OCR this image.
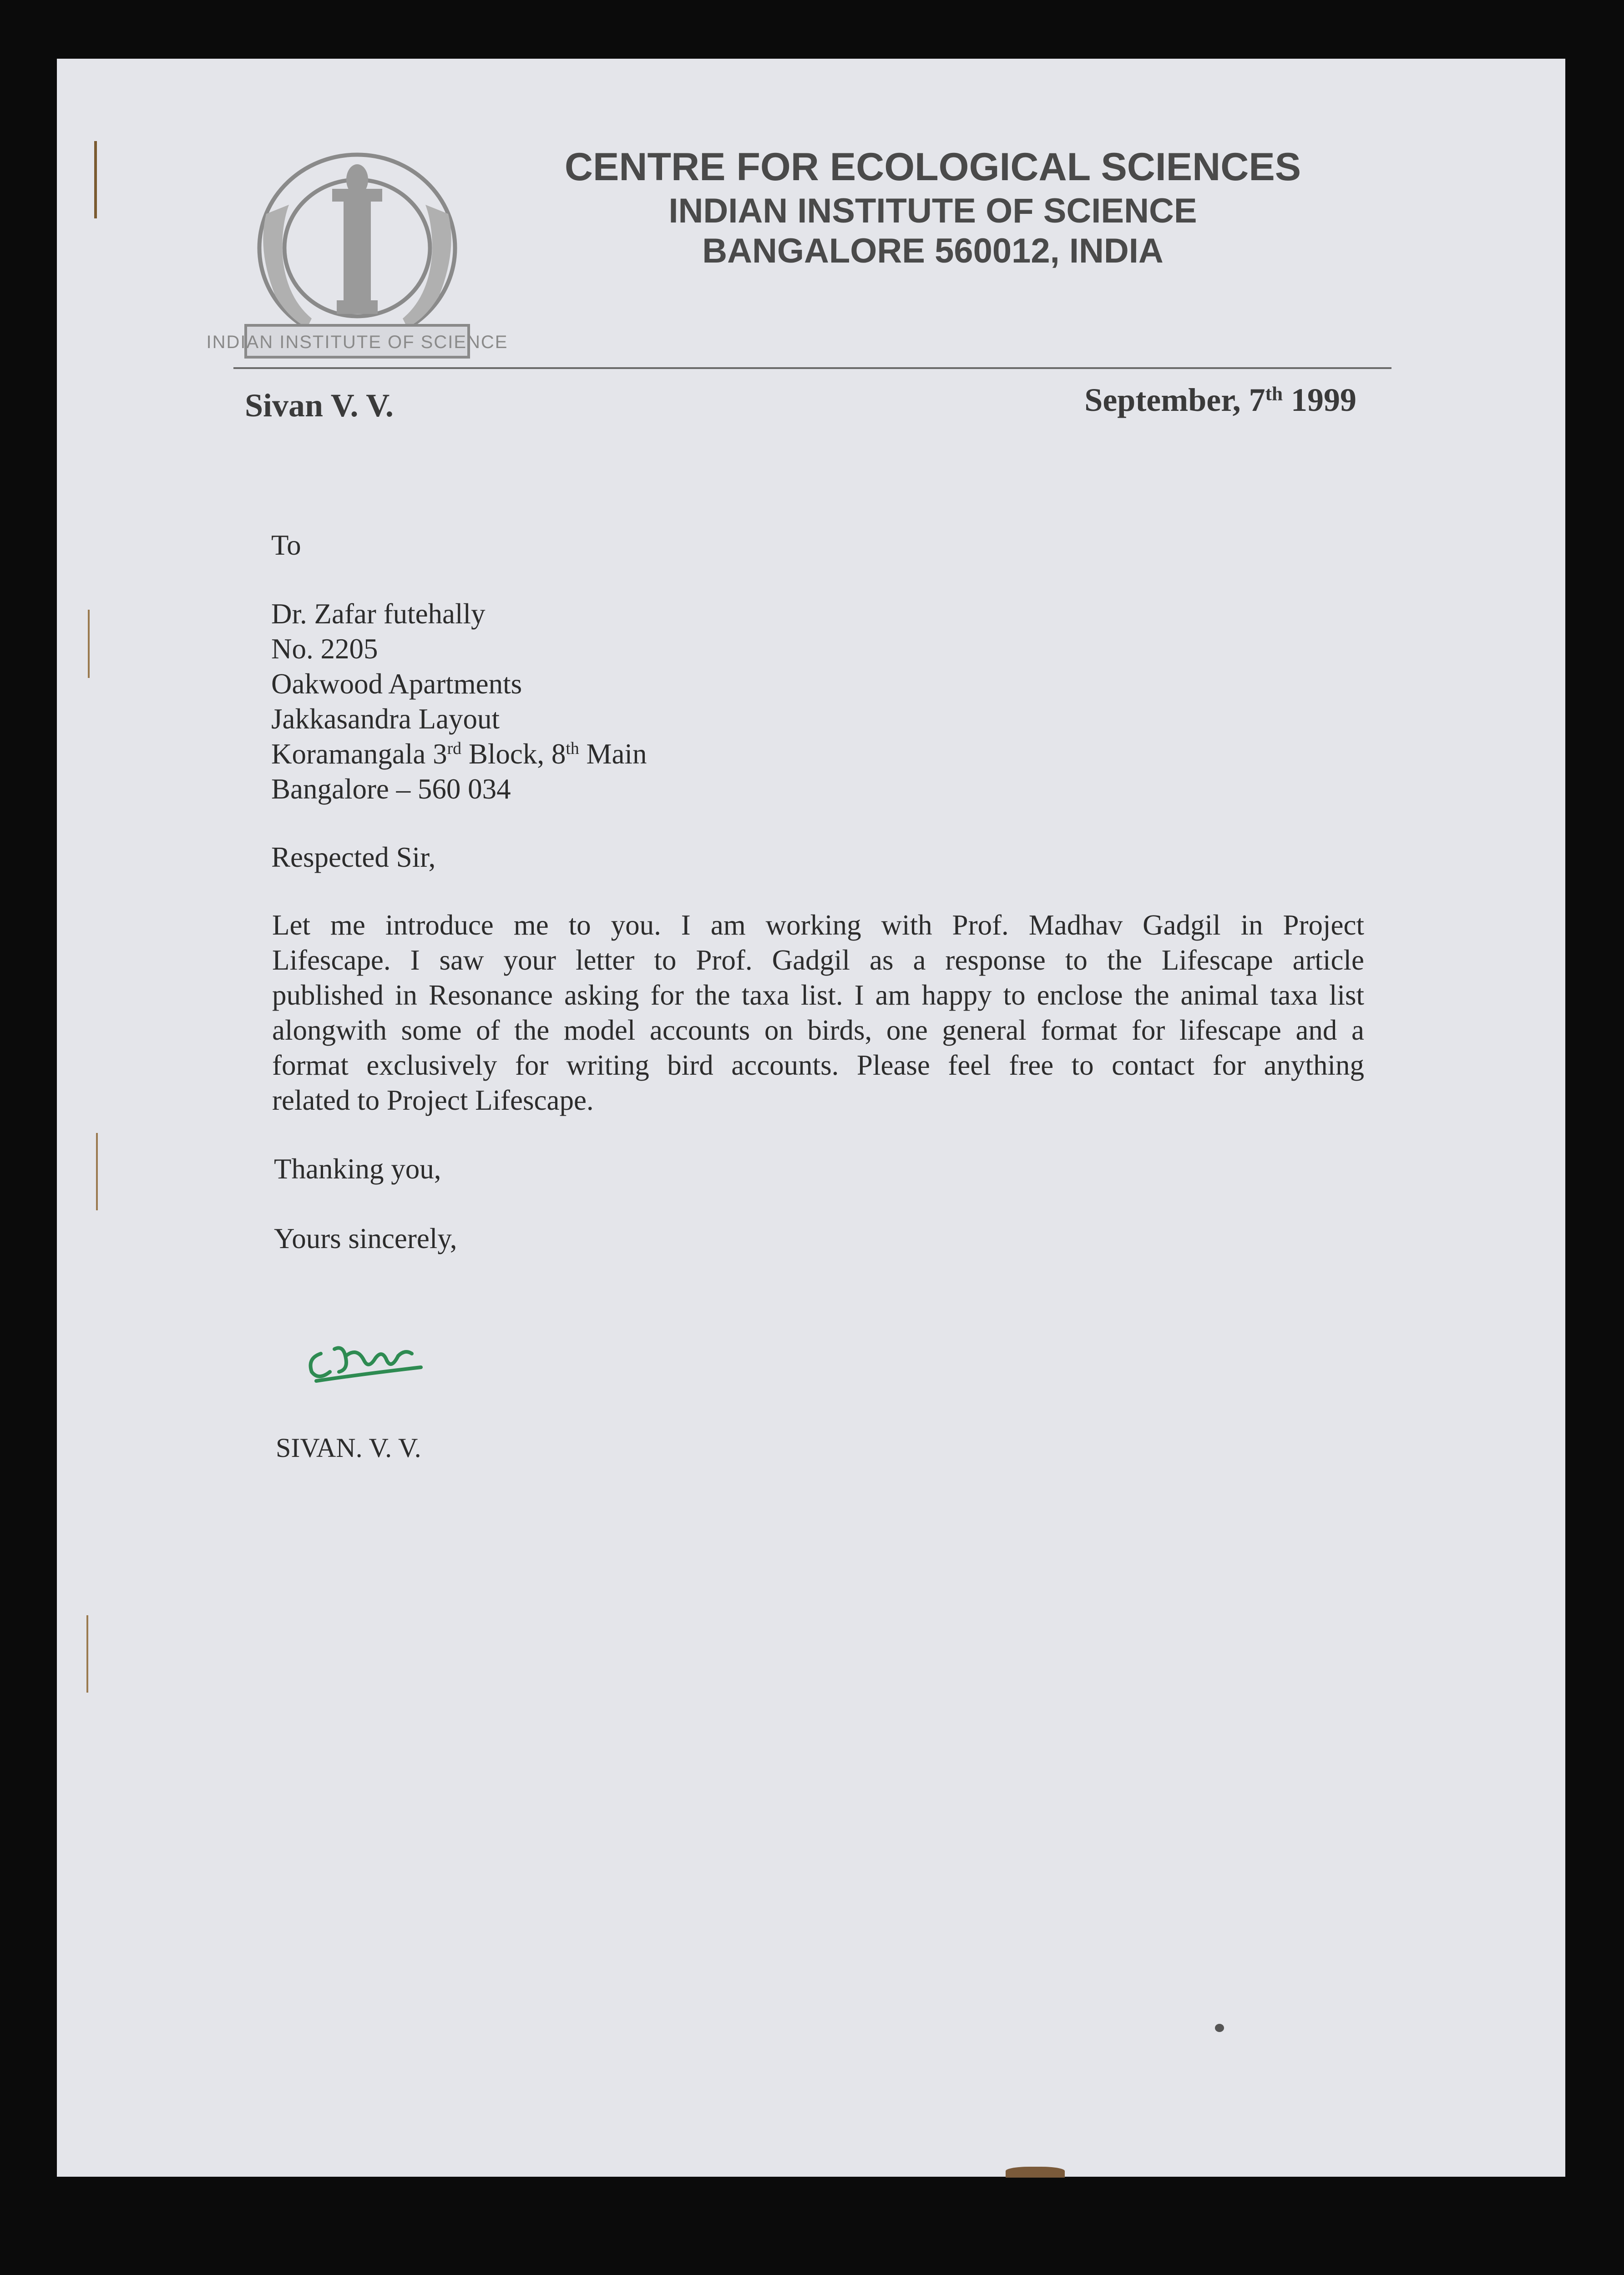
INDIAN INSTITUTE OF SCIENCE
CENTRE FOR ECOLOGICAL SCIENCES
INDIAN INSTITUTE OF SCIENCE
BANGALORE 560012, INDIA
Sivan V. V.	September, 7th 1999
To
Dr. Zafar futehally
No. 2205
Oakwood Apartments
Jakkasandra Layout
Koramangala 3rd Block, 8th Main
Bangalore – 560 034
Respected Sir,
Let me introduce me to you. I am working with Prof. Madhav Gadgil in Project
Lifescape. I saw your letter to Prof. Gadgil as a response to the Lifescape article
published in Resonance asking for the taxa list. I am happy to enclose the animal taxa list
alongwith some of the model accounts on birds, one general format for lifescape and a
format exclusively for writing bird accounts. Please feel free to contact for anything
related to Project Lifescape.
Thanking you,
Yours sincerely,
SIVAN. V. V.
